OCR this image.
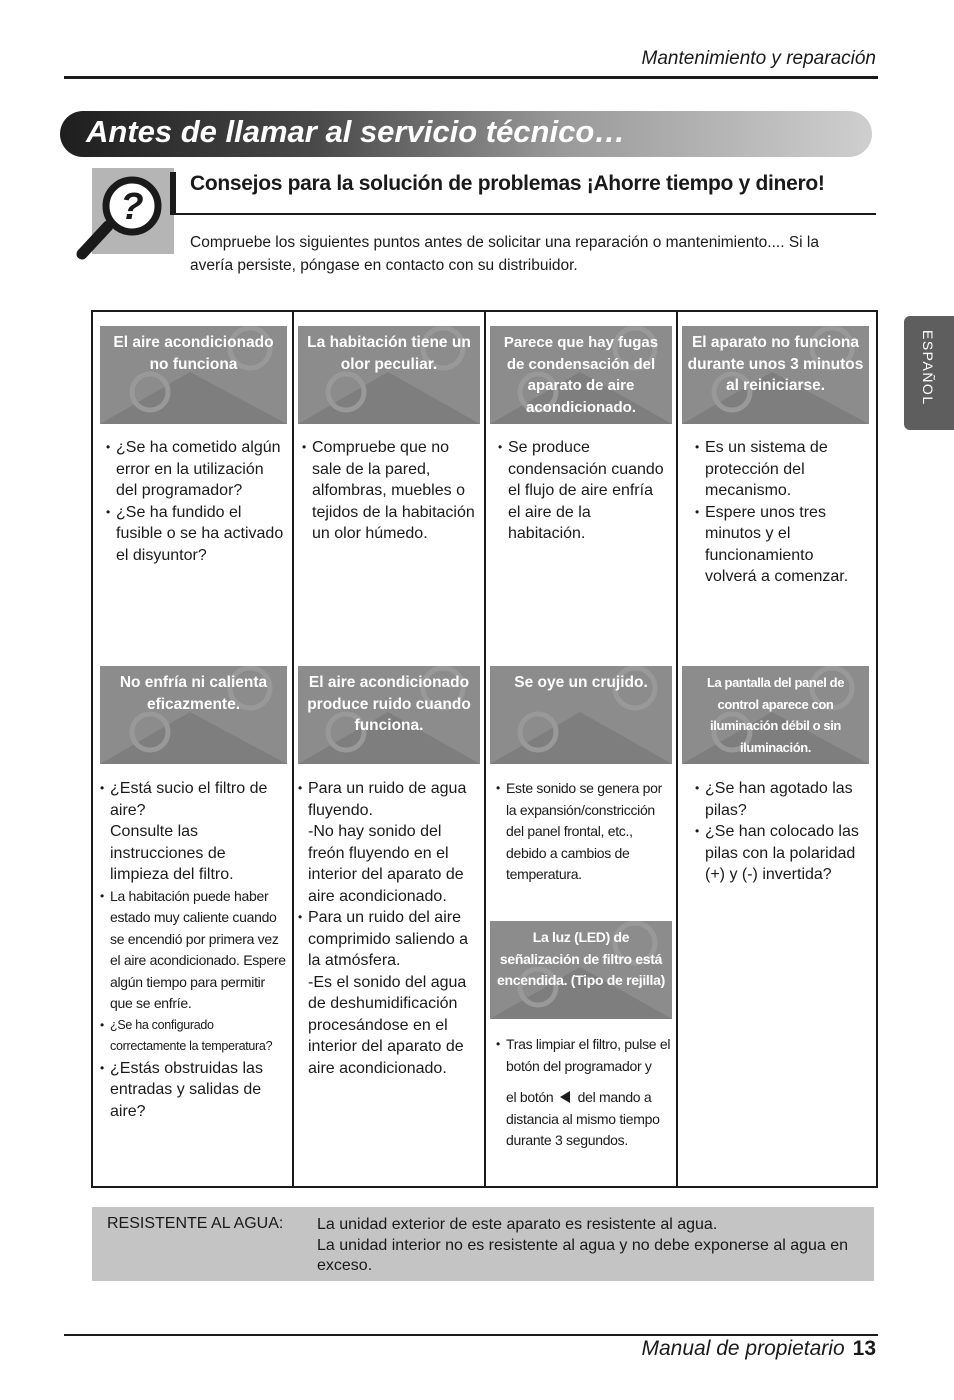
Mantenimiento y reparación
Antes de llamar al servicio técnico…
?
Consejos para la solución de problemas ¡Ahorre tiempo y dinero!
Compruebe los siguientes puntos antes de solicitar una reparación o mantenimiento.... Si la avería persiste, póngase en contacto con su distribuidor.
ESPAÑOL
El aire acondicionado no funciona
La habitación tiene un olor peculiar.
Parece que hay fugas de condensación del aparato de aire acondicionado.
El aparato no funciona durante unos 3 minutos al reiniciarse.
• ¿Se ha cometido algún error en la utilización del programador?
• ¿Se ha fundido el fusible o se ha activado el disyuntor?
• Compruebe que no sale de la pared, alfombras, muebles o tejidos de la habitación un olor húmedo.
• Se produce condensación cuando el flujo de aire enfría el aire de la habitación.
• Es un sistema de protección del mecanismo.
• Espere unos tres minutos y el funcionamiento volverá a comenzar.
No enfría ni calienta eficazmente.
El aire acondicionado produce ruido cuando funciona.
Se oye un crujido.	La pantalla del panel de control aparece con iluminación débil o sin iluminación.
• ¿Está sucio el filtro de aire?
Consulte las instrucciones de limpieza del filtro.
• La habitación puede haber estado muy caliente cuando se encendió por primera vez el aire acondicionado. Espere algún tiempo para permitir que se enfríe.
• ¿Se ha configurado correctamente la temperatura?
• ¿Estás obstruidas las entradas y salidas de aire?
• Para un ruido de agua fluyendo.
-No hay sonido del freón fluyendo en el interior del aparato de aire acondicionado.
• Para un ruido del aire comprimido saliendo a la atmósfera.
-Es el sonido del agua de deshumidificación procesándose en el interior del aparato de aire acondicionado.
• Este sonido se genera por la expansión/constricción del panel frontal, etc., debido a cambios de temperatura.
• ¿Se han agotado las pilas?
• ¿Se han colocado las pilas con la polaridad (+) y (-) invertida?
La luz (LED) de señalización de filtro está encendida. (Tipo de rejilla)
• Tras limpiar el filtro, pulse el botón del programador y
el botón del mando a distancia al mismo tiempo durante 3 segundos.
RESISTENTE AL AGUA: La unidad exterior de este aparato es resistente al agua.
La unidad interior no es resistente al agua y no debe exponerse al agua en exceso.
Manual de propietario 13
